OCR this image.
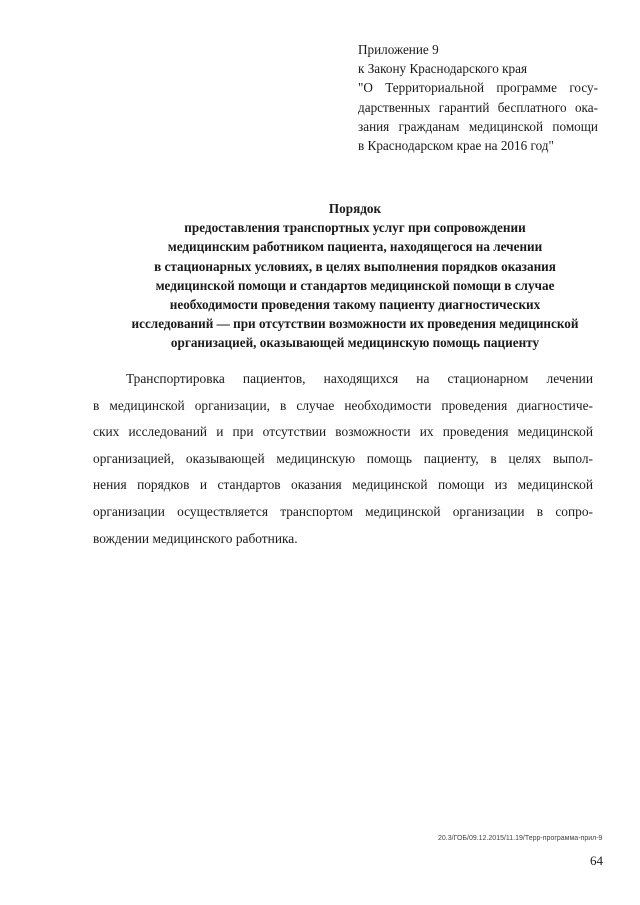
Приложение 9
к Закону Краснодарского края
"О Территориальной программе госу-
дарственных гарантий бесплатного ока-
зания гражданам медицинской помощи
в Краснодарском крае на 2016 год"
Порядок
предоставления транспортных услуг при сопровождении
медицинским работником пациента, находящегося на лечении
в стационарных условиях, в целях выполнения порядков оказания
медицинской помощи и стандартов медицинской помощи в случае
необходимости проведения такому пациенту диагностических
исследований — при отсутствии возможности их проведения медицинской
организацией, оказывающей медицинскую помощь пациенту
Транспортировка пациентов, находящихся на стационарном лечении
в медицинской организации, в случае необходимости проведения диагностиче-
ских исследований и при отсутствии возможности их проведения медицинской
организацией, оказывающей медицинскую помощь пациенту, в целях выпол-
нения порядков и стандартов оказания медицинской помощи из медицинской
организации осуществляется транспортом медицинской организации в сопро-
вождении медицинского работника.
20.3/ГОБ/09.12.2015/11.19/Терр-программа-прил-9
64
